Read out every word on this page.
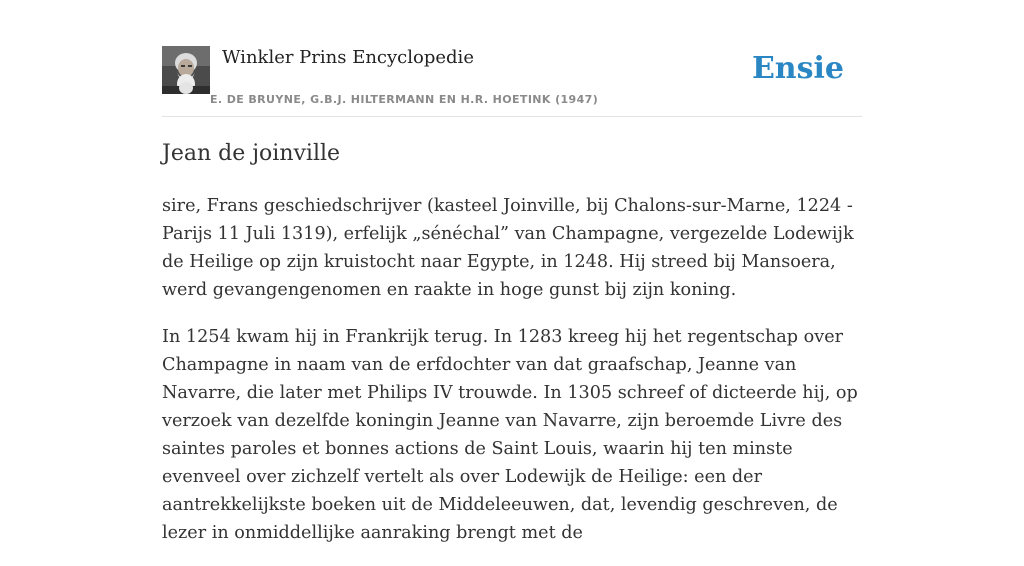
Winkler Prins Encyclopedie
E. DE BRUYNE, G.B.J. HILTERMANN EN H.R. HOETINK (1947)
Ensie
Jean de joinville

sire, Frans geschiedschrijver (kasteel Joinville, bij Chalons-sur-Marne, 1224 - Parijs 11 Juli 1319), erfelijk „sénéchal” van Champagne, vergezelde Lodewijk de Heilige op zijn kruistocht naar Egypte, in 1248. Hij streed bij Mansoera, werd gevangengenomen en raakte in hoge gunst bij zijn koning.

In 1254 kwam hij in Frankrijk terug. In 1283 kreeg hij het regentschap over Champagne in naam van de erfdochter van dat graafschap, Jeanne van Navarre, die later met Philips IV trouwde. In 1305 schreef of dicteerde hij, op verzoek van dezelfde koningin Jeanne van Navarre, zijn beroemde Livre des saintes paroles et bonnes actions de Saint Louis, waarin hij ten minste evenveel over zichzelf vertelt als over Lodewijk de Heilige: een der aantrekkelijkste boeken uit de Middeleeuwen, dat, levendig geschreven, de lezer in onmiddellijke aanraking brengt met de
